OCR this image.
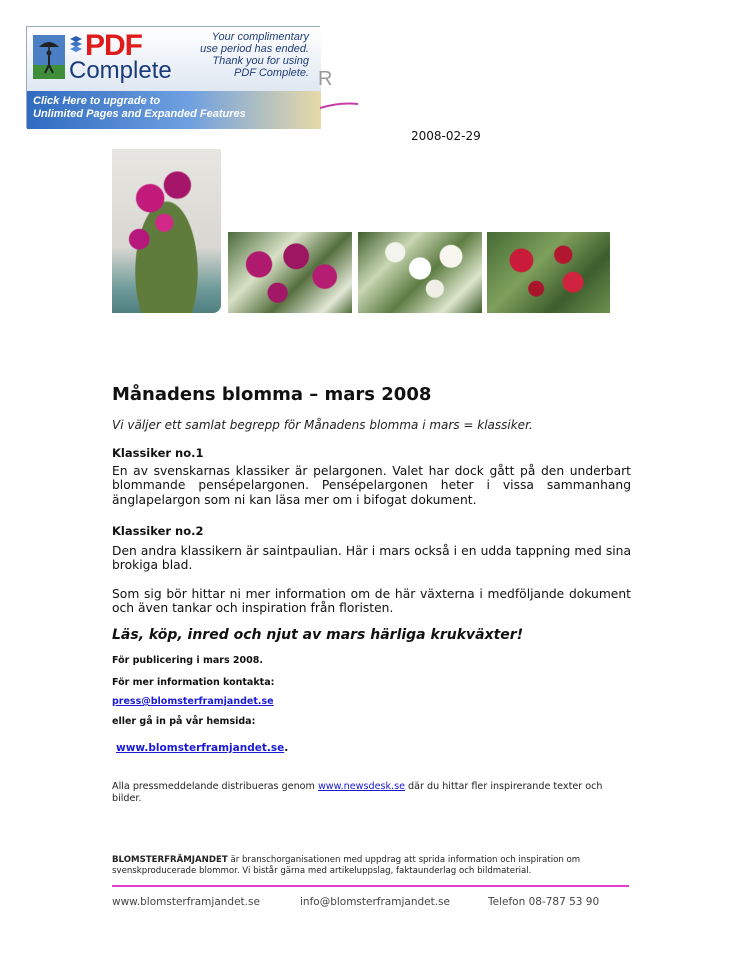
PDF
Complete
Your complimentary
use period has ended.
Thank you for using
PDF Complete.
Click Here to upgrade to
Unlimited Pages and Expanded Features
R
2008-02-29
Månadens blomma – mars 2008
Vi väljer ett samlat begrepp för Månadens blomma i mars = klassiker.
Klassiker no.1
En av svenskarnas klassiker är pelargonen. Valet har dock gått på den underbart blommande pensépelargonen. Pensépelargonen heter i vissa sammanhang änglapelargon som ni kan läsa mer om i bifogat dokument.
Klassiker no.2
Den andra klassikern är saintpaulian. Här i mars också i en udda tappning med sina brokiga blad.
Som sig bör hittar ni mer information om de här växterna i medföljande dokument och även tankar och inspiration från floristen.
Läs, köp, inred och njut av mars härliga krukväxter!
För publicering i mars 2008.
För mer information kontakta:
press@blomsterframjandet.se
eller gå in på vår hemsida:
www.blomsterframjandet.se.
Alla pressmeddelande distribueras genom www.newsdesk.se där du hittar fler inspirerande texter och bilder.
BLOMSTERFRÄMJANDET är branschorganisationen med uppdrag att sprida information och inspiration om svenskproducerade blommor. Vi bistår gärna med artikeluppslag, faktaunderlag och bildmaterial.
www.blomsterframjandet.se	info@blomsterframjandet.se	Telefon 08-787 53 90
